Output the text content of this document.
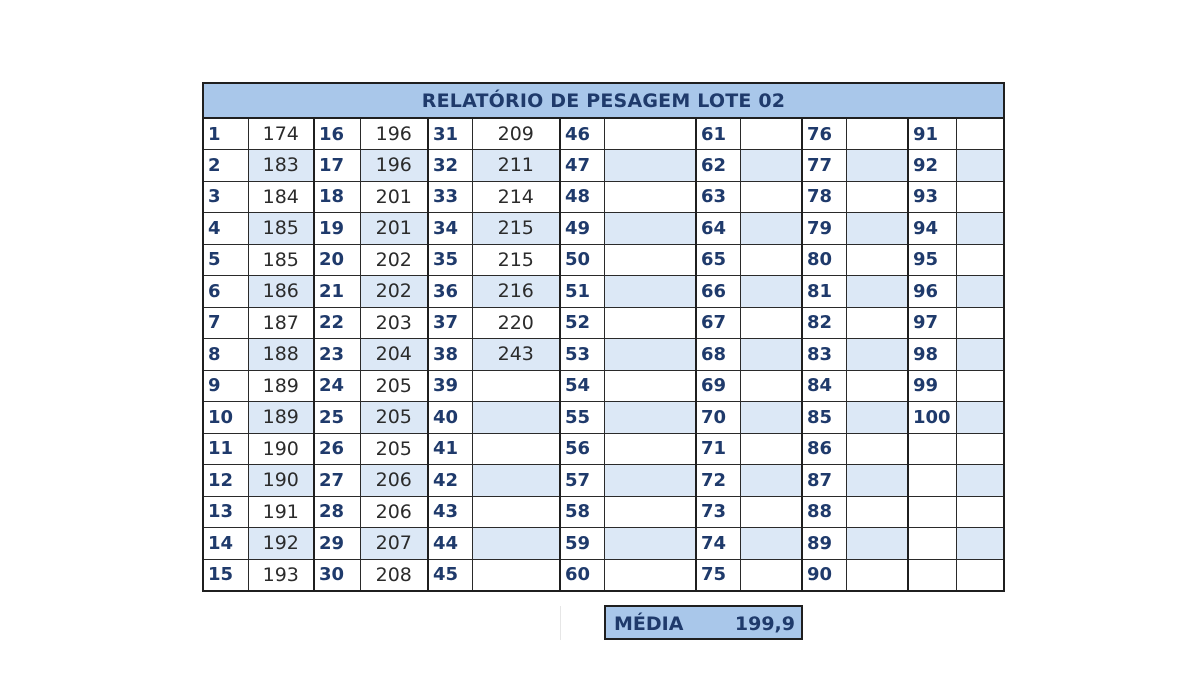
RELATÓRIO DE PESAGEM LOTE 02													
1	174	16	196	31	209	46		61		76		91	
2	183	17	196	32	211	47		62		77		92	
3	184	18	201	33	214	48		63		78		93	
4	185	19	201	34	215	49		64		79		94	
5	185	20	202	35	215	50		65		80		95	
6	186	21	202	36	216	51		66		81		96	
7	187	22	203	37	220	52		67		82		97	
8	188	23	204	38	243	53		68		83		98	
9	189	24	205	39		54		69		84		99	
10	189	25	205	40		55		70		85		100	
11	190	26	205	41		56		71		86			
12	190	27	206	42		57		72		87			
13	191	28	206	43		58		73		88			
14	192	29	207	44		59		74		89			
15	193	30	208	45		60		75		90			
MÉDIA	199,9
